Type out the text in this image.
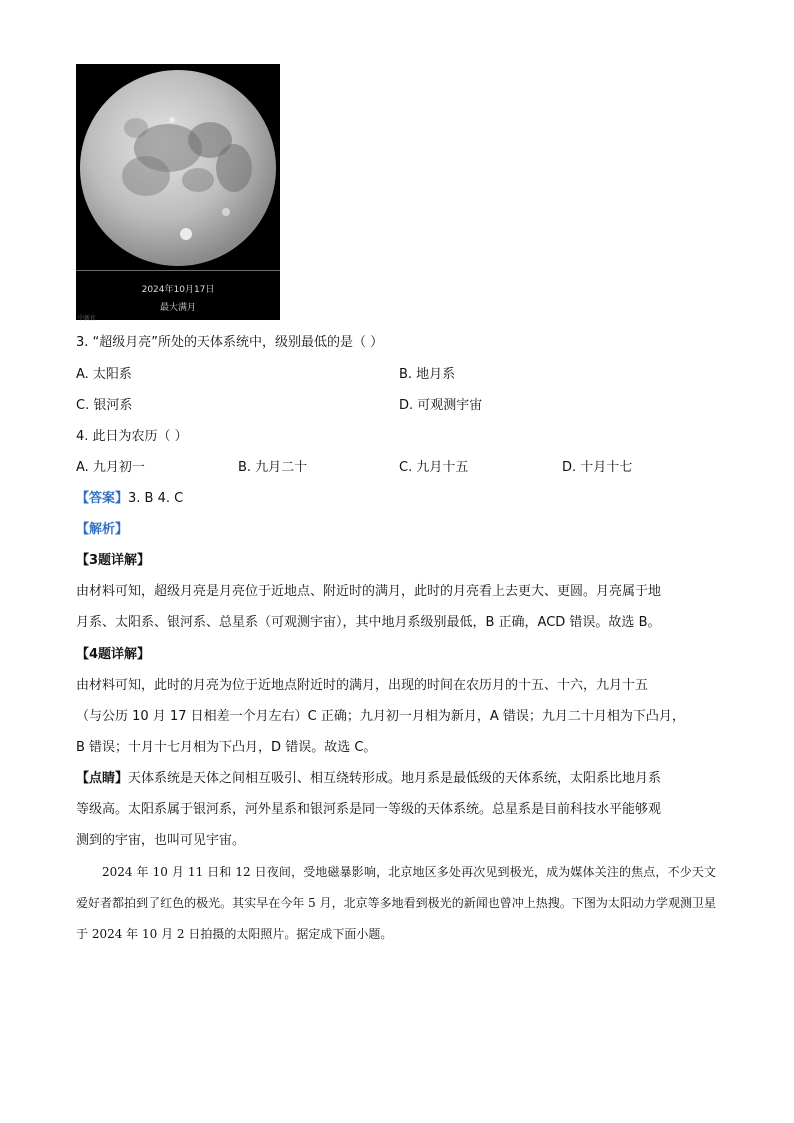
2024年10月17日
最大满月
中新社
3. “超级月亮”所处的天体系统中，级别最低的是（ ）
A. 太阳系	B. 地月系
C. 银河系	D. 可观测宇宙
4. 此日为农历（ ）
A. 九月初一	B. 九月二十	C. 九月十五	D. 十月十七
【答案】3. B 4. C
【解析】
【3题详解】
由材料可知，超级月亮是月亮位于近地点、附近时的满月，此时的月亮看上去更大、更圆。月亮属于地
月系、太阳系、银河系、总星系（可观测宇宙），其中地月系级别最低，B 正确，ACD 错误。故选 B。
【4题详解】
由材料可知，此时的月亮为位于近地点附近时的满月，出现的时间在农历月的十五、十六，九月十五
（与公历 10 月 17 日相差一个月左右）C 正确；九月初一月相为新月，A 错误；九月二十月相为下凸月，
B 错误；十月十七月相为下凸月，D 错误。故选 C。
【点睛】天体系统是天体之间相互吸引、相互绕转形成。地月系是最低级的天体系统，太阳系比地月系
等级高。太阳系属于银河系，河外星系和银河系是同一等级的天体系统。总星系是目前科技水平能够观
测到的宇宙，也叫可见宇宙。
2024 年 10 月 11 日和 12 日夜间，受地磁暴影响，北京地区多处再次见到极光，成为媒体关注的焦点，不少天文爱好者都拍到了红色的极光。其实早在今年 5 月，北京等多地看到极光的新闻也曾冲上热搜。下图为太阳动力学观测卫星于 2024 年 10 月 2 日拍摄的太阳照片。据定成下面小题。
